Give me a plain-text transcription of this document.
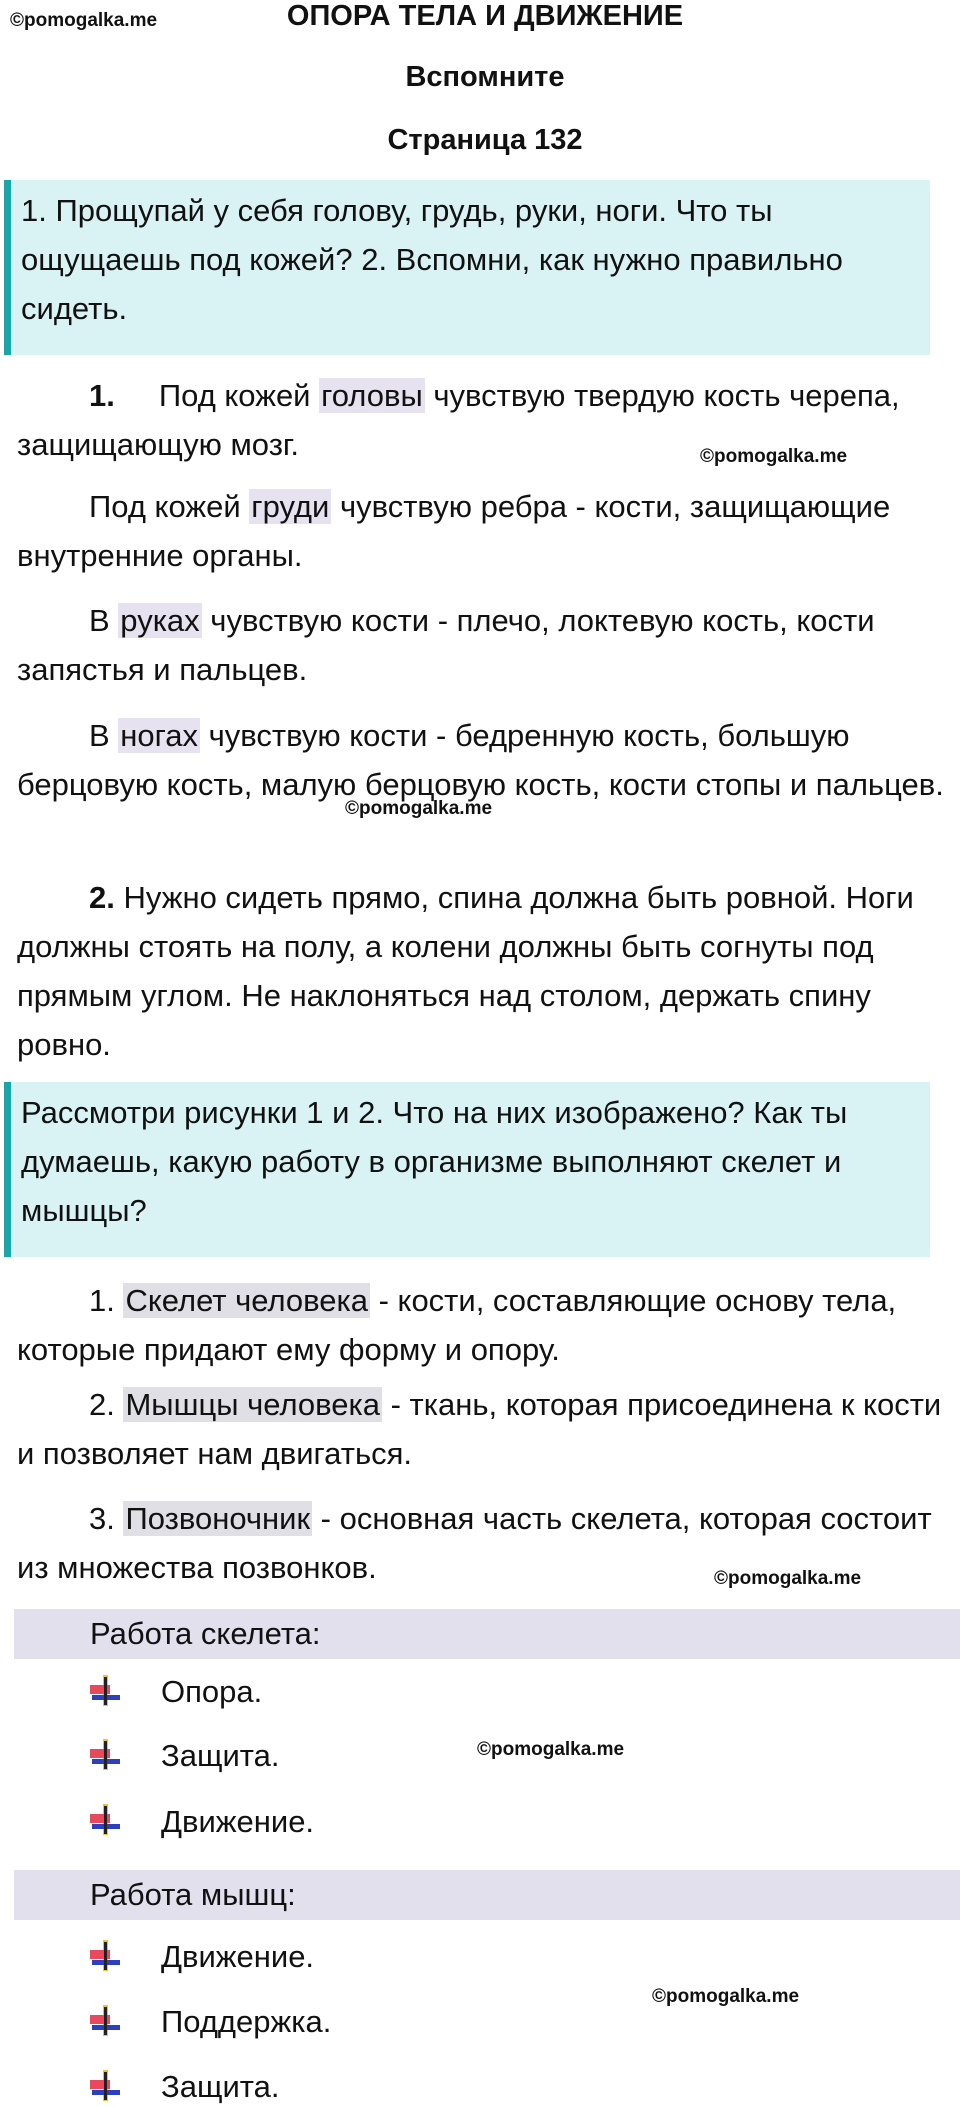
©pomogalka.me
©pomogalka.me
©pomogalka.me
©pomogalka.me
©pomogalka.me
©pomogalka.me
ОПОРА ТЕЛА И ДВИЖЕНИЕ
Вспомните
Страница 132
1. Прощупай у себя голову, грудь, руки, ноги. Что ты ощущаешь под кожей? 2. Вспомни, как нужно правильно сидеть.
1. Под кожей головы чувствую твердую кость черепа, защищающую мозг.
Под кожей груди чувствую ребра - кости, защищающие внутренние органы.
В руках чувствую кости - плечо, локтевую кость, кости запястья и пальцев.
В ногах чувствую кости - бедренную кость, большую берцовую кость, малую берцовую кость, кости стопы и пальцев.
2. Нужно сидеть прямо, спина должна быть ровной. Ноги должны стоять на полу, а колени должны быть согнуты под прямым углом. Не наклоняться над столом, держать спину ровно.
Рассмотри рисунки 1 и 2. Что на них изображено? Как ты думаешь, какую работу в организме выполняют скелет и мышцы?
1. Скелет человека - кости, составляющие основу тела, которые придают ему форму и опору.
2. Мышцы человека - ткань, которая присоединена к кости и позволяет нам двигаться.
3. Позвоночник - основная часть скелета, которая состоит из множества позвонков.
Работа скелета:
Опора.
Защита.
Движение.
Работа мышц:
Движение.
Поддержка.
Защита.
